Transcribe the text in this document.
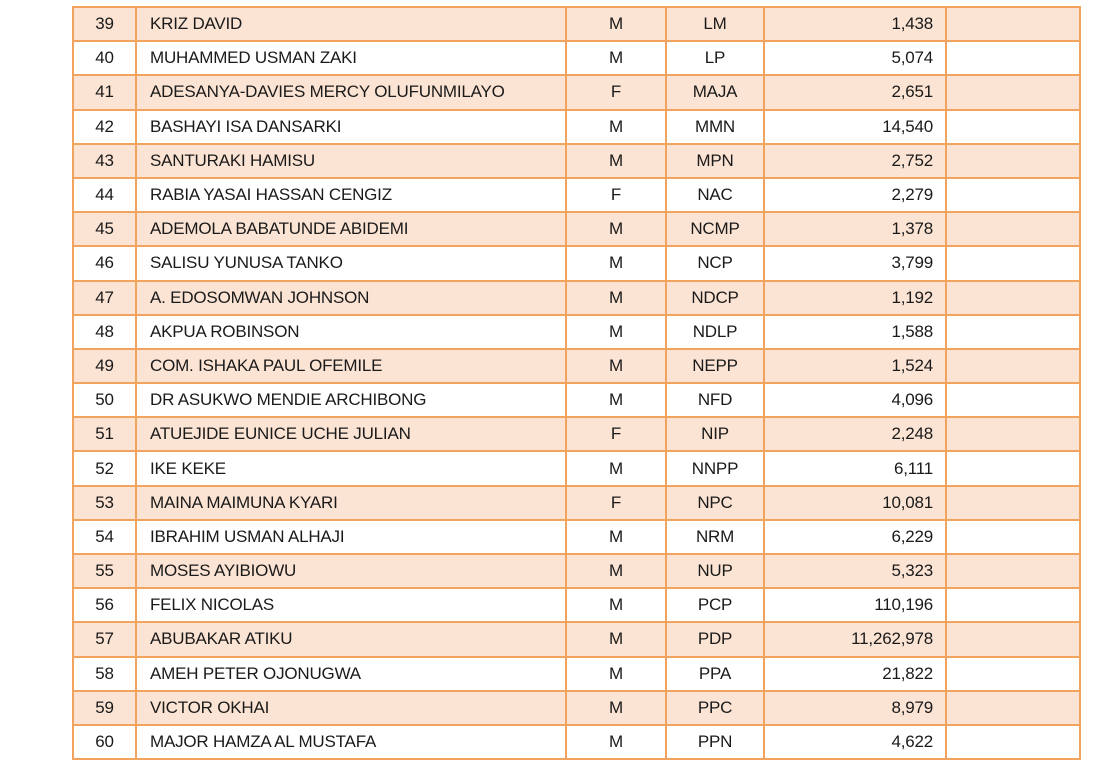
39	KRIZ DAVID	M	LM	1,438	
40	MUHAMMED USMAN ZAKI	M	LP	5,074	
41	ADESANYA-DAVIES MERCY OLUFUNMILAYO	F	MAJA	2,651	
42	BASHAYI ISA DANSARKI	M	MMN	14,540	
43	SANTURAKI HAMISU	M	MPN	2,752	
44	RABIA YASAI HASSAN CENGIZ	F	NAC	2,279	
45	ADEMOLA BABATUNDE ABIDEMI	M	NCMP	1,378	
46	SALISU YUNUSA TANKO	M	NCP	3,799	
47	A. EDOSOMWAN JOHNSON	M	NDCP	1,192	
48	AKPUA ROBINSON	M	NDLP	1,588	
49	COM. ISHAKA PAUL OFEMILE	M	NEPP	1,524	
50	DR ASUKWO MENDIE ARCHIBONG	M	NFD	4,096	
51	ATUEJIDE EUNICE UCHE JULIAN	F	NIP	2,248	
52	IKE KEKE	M	NNPP	6,111	
53	MAINA MAIMUNA KYARI	F	NPC	10,081	
54	IBRAHIM USMAN ALHAJI	M	NRM	6,229	
55	MOSES AYIBIOWU	M	NUP	5,323	
56	FELIX NICOLAS	M	PCP	110,196	
57	ABUBAKAR ATIKU	M	PDP	11,262,978	
58	AMEH PETER OJONUGWA	M	PPA	21,822	
59	VICTOR OKHAI	M	PPC	8,979	
60	MAJOR HAMZA AL MUSTAFA	M	PPN	4,622	
